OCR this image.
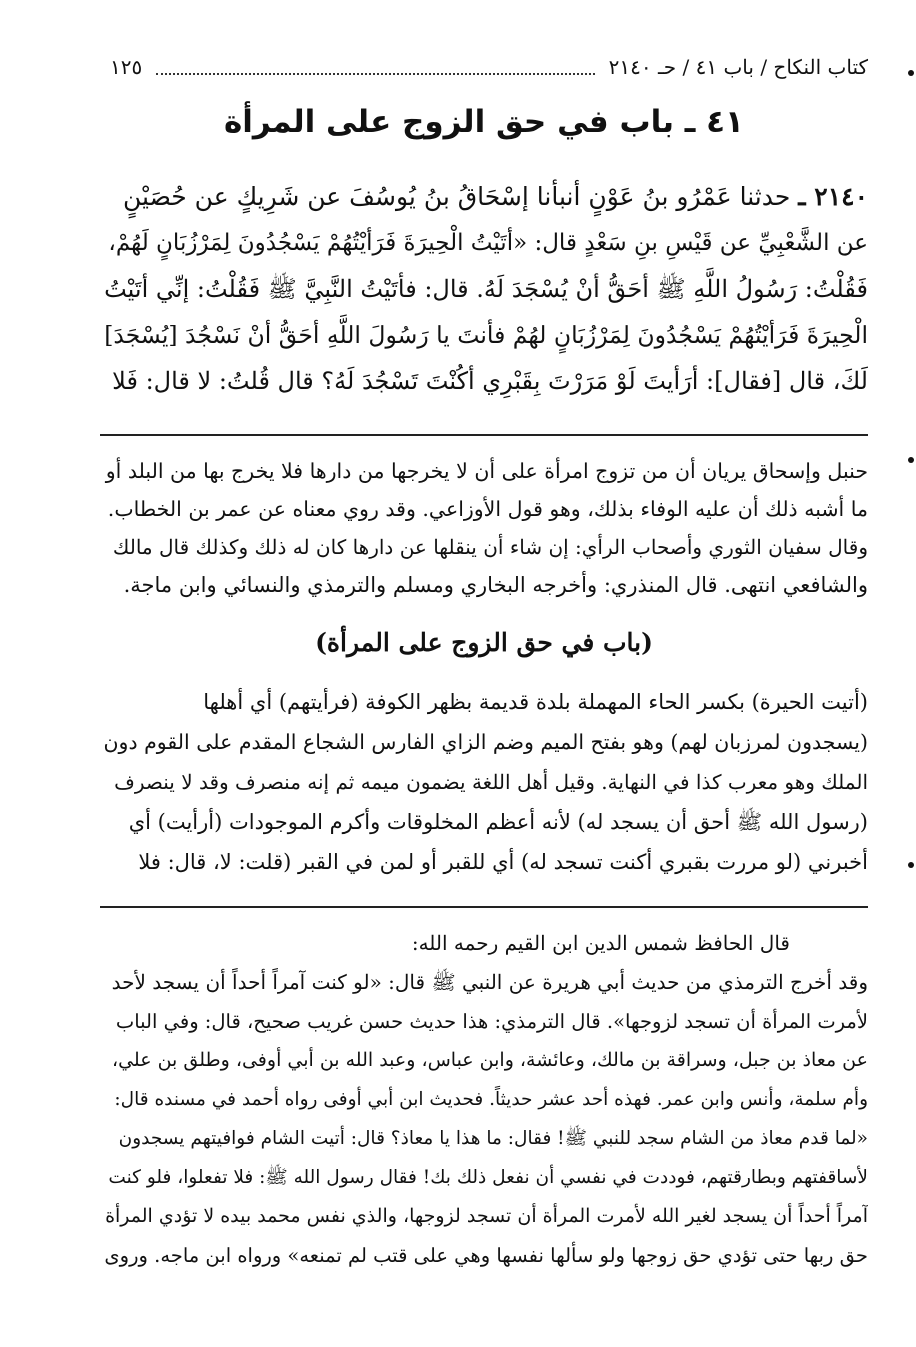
كتاب النكاح / باب ٤١ / حـ ٢١٤٠
١٢٥
٤١ ـ باب في حق الزوج على المرأة
٢١٤٠ ـ حدثنا عَمْرُو بنُ عَوْنٍ أنبأنا إسْحَاقُ بنُ يُوسُفَ عن شَرِيكٍ عن حُصَيْنٍ
عن الشَّعْبِيِّ عن قَيْسِ بنِ سَعْدٍ قال: «أتَيْتُ الْحِيرَةَ فَرَأيْتُهُمْ يَسْجُدُونَ لِمَرْزُبَانٍ لَهُمْ،
فَقُلْتُ: رَسُولُ اللَّهِ ﷺ أحَقُّ أنْ يُسْجَدَ لَهُ. قال: فأتَيْتُ النَّبِيَّ ﷺ فَقُلْتُ: إنِّي أتَيْتُ
الْحِيرَةَ فَرَأيْتُهُمْ يَسْجُدُونَ لِمَرْزُبَانٍ لهُمْ فأنتَ يا رَسُولَ اللَّهِ أحَقُّ أنْ نَسْجُدَ [يُسْجَدَ]
لَكَ، قال [فقال]: أرَأيتَ لَوْ مَرَرْتَ بِقَبْرِي أكُنْتَ تَسْجُدَ لَهُ؟ قال قُلتُ: لا قال: فَلا
حنبل وإسحاق يريان أن من تزوج امرأة على أن لا يخرجها من دارها فلا يخرج بها من البلد أو
ما أشبه ذلك أن عليه الوفاء بذلك، وهو قول الأوزاعي. وقد روي معناه عن عمر بن الخطاب.
وقال سفيان الثوري وأصحاب الرأي: إن شاء أن ينقلها عن دارها كان له ذلك وكذلك قال مالك
والشافعي انتهى. قال المنذري: وأخرجه البخاري ومسلم والترمذي والنسائي وابن ماجة.
(باب في حق الزوج على المرأة)
(أتيت الحيرة) بكسر الحاء المهملة بلدة قديمة بظهر الكوفة (فرأيتهم) أي أهلها
(يسجدون لمرزبان لهم) وهو بفتح الميم وضم الزاي الفارس الشجاع المقدم على القوم دون
الملك وهو معرب كذا في النهاية. وقيل أهل اللغة يضمون ميمه ثم إنه منصرف وقد لا ينصرف
(رسول الله ﷺ أحق أن يسجد له) لأنه أعظم المخلوقات وأكرم الموجودات (أرأيت) أي
أخبرني (لو مررت بقبري أكنت تسجد له) أي للقبر أو لمن في القبر (قلت: لا، قال: فلا
قال الحافظ شمس الدين ابن القيم رحمه الله:
وقد أخرج الترمذي من حديث أبي هريرة عن النبي ﷺ قال: «لو كنت آمراً أحداً أن يسجد لأحد
لأمرت المرأة أن تسجد لزوجها». قال الترمذي: هذا حديث حسن غريب صحيح، قال: وفي الباب
عن معاذ بن جبل، وسراقة بن مالك، وعائشة، وابن عباس، وعبد الله بن أبي أوفى، وطلق بن علي،
وأم سلمة، وأنس وابن عمر. فهذه أحد عشر حديثاً. فحديث ابن أبي أوفى رواه أحمد في مسنده قال:
«لما قدم معاذ من الشام سجد للنبي ﷺ! فقال: ما هذا يا معاذ؟ قال: أتيت الشام فوافيتهم يسجدون
لأساقفتهم وبطارقتهم، فوددت في نفسي أن نفعل ذلك بك! فقال رسول الله ﷺ: فلا تفعلوا، فلو كنت
آمراً أحداً أن يسجد لغير الله لأمرت المرأة أن تسجد لزوجها، والذي نفس محمد بيده لا تؤدي المرأة
حق ربها حتى تؤدي حق زوجها ولو سألها نفسها وهي على قتب لم تمنعه» ورواه ابن ماجه. وروى
